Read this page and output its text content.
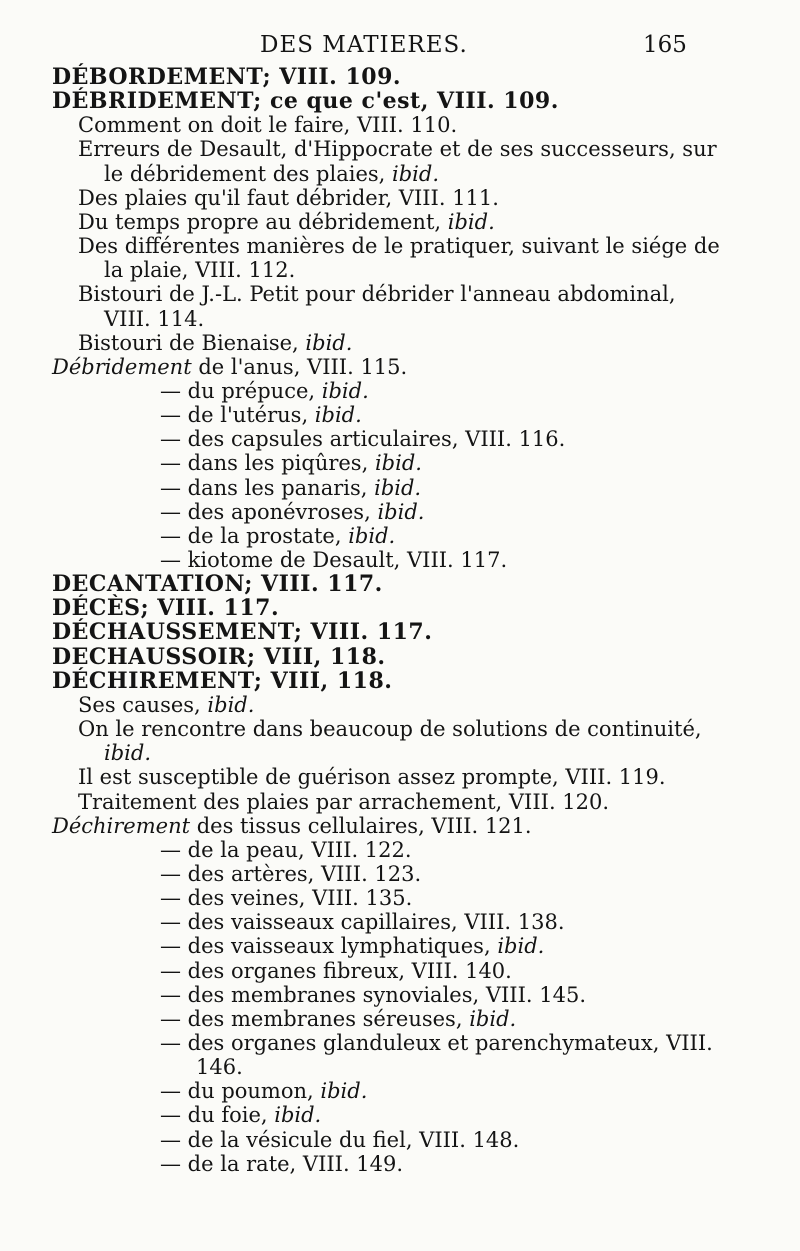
DES MATIERES.	165
DÉBORDEMENT; VIII. 109.
DÉBRIDEMENT; ce que c'est, VIII. 109.
Comment on doit le faire, VIII. 110.
Erreurs de Desault, d'Hippocrate et de ses successeurs, sur
le débridement des plaies, ibid.
Des plaies qu'il faut débrider, VIII. 111.
Du temps propre au débridement, ibid.
Des différentes manières de le pratiquer, suivant le siége de
la plaie, VIII. 112.
Bistouri de J.-L. Petit pour débrider l'anneau abdominal,
VIII. 114.
Bistouri de Bienaise, ibid.
Débridement de l'anus, VIII. 115.
— du prépuce, ibid.
— de l'utérus, ibid.
— des capsules articulaires, VIII. 116.
— dans les piqûres, ibid.
— dans les panaris, ibid.
— des aponévroses, ibid.
— de la prostate, ibid.
— kiotome de Desault, VIII. 117.
DECANTATION; VIII. 117.
DÉCÈS; VIII. 117.
DÉCHAUSSEMENT; VIII. 117.
DECHAUSSOIR; VIII, 118.
DÉCHIREMENT; VIII, 118.
Ses causes, ibid.
On le rencontre dans beaucoup de solutions de continuité,
ibid.
Il est susceptible de guérison assez prompte, VIII. 119.
Traitement des plaies par arrachement, VIII. 120.
Déchirement des tissus cellulaires, VIII. 121.
— de la peau, VIII. 122.
— des artères, VIII. 123.
— des veines, VIII. 135.
— des vaisseaux capillaires, VIII. 138.
— des vaisseaux lymphatiques, ibid.
— des organes fibreux, VIII. 140.
— des membranes synoviales, VIII. 145.
— des membranes séreuses, ibid.
— des organes glanduleux et parenchymateux, VIII.
146.
— du poumon, ibid.
— du foie, ibid.
— de la vésicule du fiel, VIII. 148.
— de la rate, VIII. 149.
